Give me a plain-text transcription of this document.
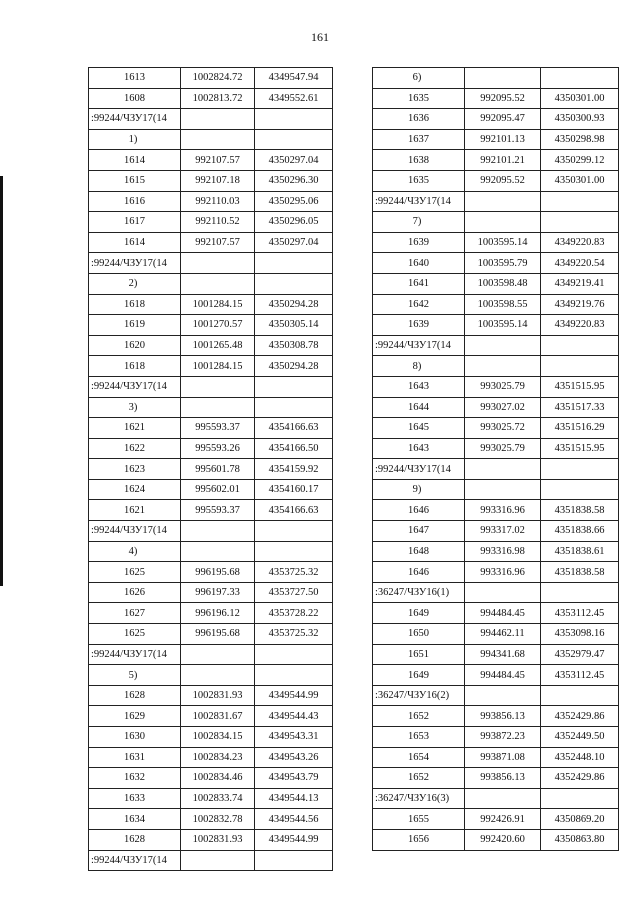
161
1613	1002824.72	4349547.94
1608	1002813.72	4349552.61
:99244/ЧЗУ17(14		
1)		
1614	992107.57	4350297.04
1615	992107.18	4350296.30
1616	992110.03	4350295.06
1617	992110.52	4350296.05
1614	992107.57	4350297.04
:99244/ЧЗУ17(14		
2)		
1618	1001284.15	4350294.28
1619	1001270.57	4350305.14
1620	1001265.48	4350308.78
1618	1001284.15	4350294.28
:99244/ЧЗУ17(14		
3)		
1621	995593.37	4354166.63
1622	995593.26	4354166.50
1623	995601.78	4354159.92
1624	995602.01	4354160.17
1621	995593.37	4354166.63
:99244/ЧЗУ17(14		
4)		
1625	996195.68	4353725.32
1626	996197.33	4353727.50
1627	996196.12	4353728.22
1625	996195.68	4353725.32
:99244/ЧЗУ17(14		
5)		
1628	1002831.93	4349544.99
1629	1002831.67	4349544.43
1630	1002834.15	4349543.31
1631	1002834.23	4349543.26
1632	1002834.46	4349543.79
1633	1002833.74	4349544.13
1634	1002832.78	4349544.56
1628	1002831.93	4349544.99
:99244/ЧЗУ17(14		
6)		
1635	992095.52	4350301.00
1636	992095.47	4350300.93
1637	992101.13	4350298.98
1638	992101.21	4350299.12
1635	992095.52	4350301.00
:99244/ЧЗУ17(14		
7)		
1639	1003595.14	4349220.83
1640	1003595.79	4349220.54
1641	1003598.48	4349219.41
1642	1003598.55	4349219.76
1639	1003595.14	4349220.83
:99244/ЧЗУ17(14		
8)		
1643	993025.79	4351515.95
1644	993027.02	4351517.33
1645	993025.72	4351516.29
1643	993025.79	4351515.95
:99244/ЧЗУ17(14		
9)		
1646	993316.96	4351838.58
1647	993317.02	4351838.66
1648	993316.98	4351838.61
1646	993316.96	4351838.58
:36247/ЧЗУ16(1)		
1649	994484.45	4353112.45
1650	994462.11	4353098.16
1651	994341.68	4352979.47
1649	994484.45	4353112.45
:36247/ЧЗУ16(2)		
1652	993856.13	4352429.86
1653	993872.23	4352449.50
1654	993871.08	4352448.10
1652	993856.13	4352429.86
:36247/ЧЗУ16(3)		
1655	992426.91	4350869.20
1656	992420.60	4350863.80
